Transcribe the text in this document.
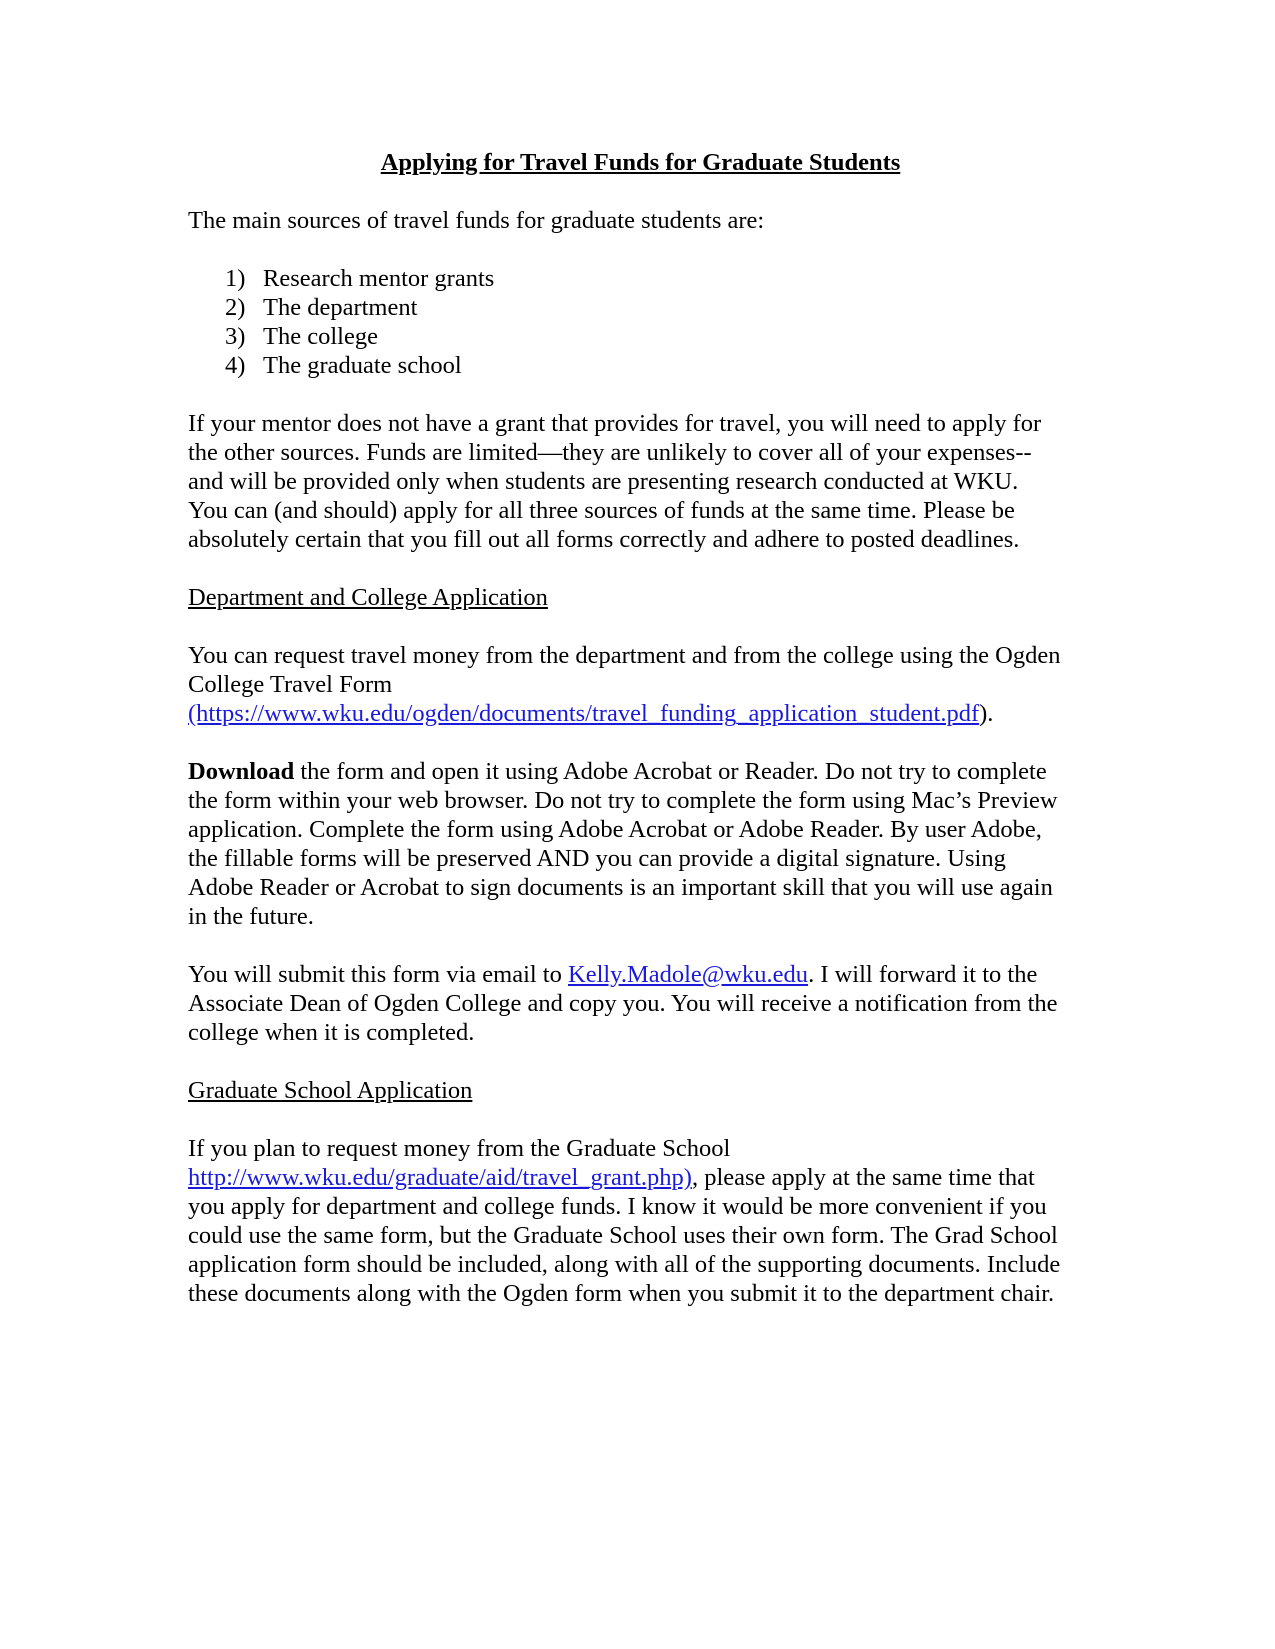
Applying for Travel Funds for Graduate Students

The main sources of travel funds for graduate students are:

1) Research mentor grants
2) The department
3) The college
4) The graduate school

If your mentor does not have a grant that provides for travel, you will need to apply for
the other sources. Funds are limited—they are unlikely to cover all of your expenses--
and will be provided only when students are presenting research conducted at WKU.
You can (and should) apply for all three sources of funds at the same time. Please be
absolutely certain that you fill out all forms correctly and adhere to posted deadlines.

Department and College Application

You can request travel money from the department and from the college using the Ogden
College Travel Form
(https://www.wku.edu/ogden/documents/travel_funding_application_student.pdf).

Download the form and open it using Adobe Acrobat or Reader. Do not try to complete
the form within your web browser. Do not try to complete the form using Mac’s Preview
application. Complete the form using Adobe Acrobat or Adobe Reader. By user Adobe,
the fillable forms will be preserved AND you can provide a digital signature. Using
Adobe Reader or Acrobat to sign documents is an important skill that you will use again
in the future.

You will submit this form via email to Kelly.Madole@wku.edu. I will forward it to the
Associate Dean of Ogden College and copy you. You will receive a notification from the
college when it is completed.

Graduate School Application

If you plan to request money from the Graduate School
http://www.wku.edu/graduate/aid/travel_grant.php), please apply at the same time that
you apply for department and college funds. I know it would be more convenient if you
could use the same form, but the Graduate School uses their own form. The Grad School
application form should be included, along with all of the supporting documents. Include
these documents along with the Ogden form when you submit it to the department chair.
